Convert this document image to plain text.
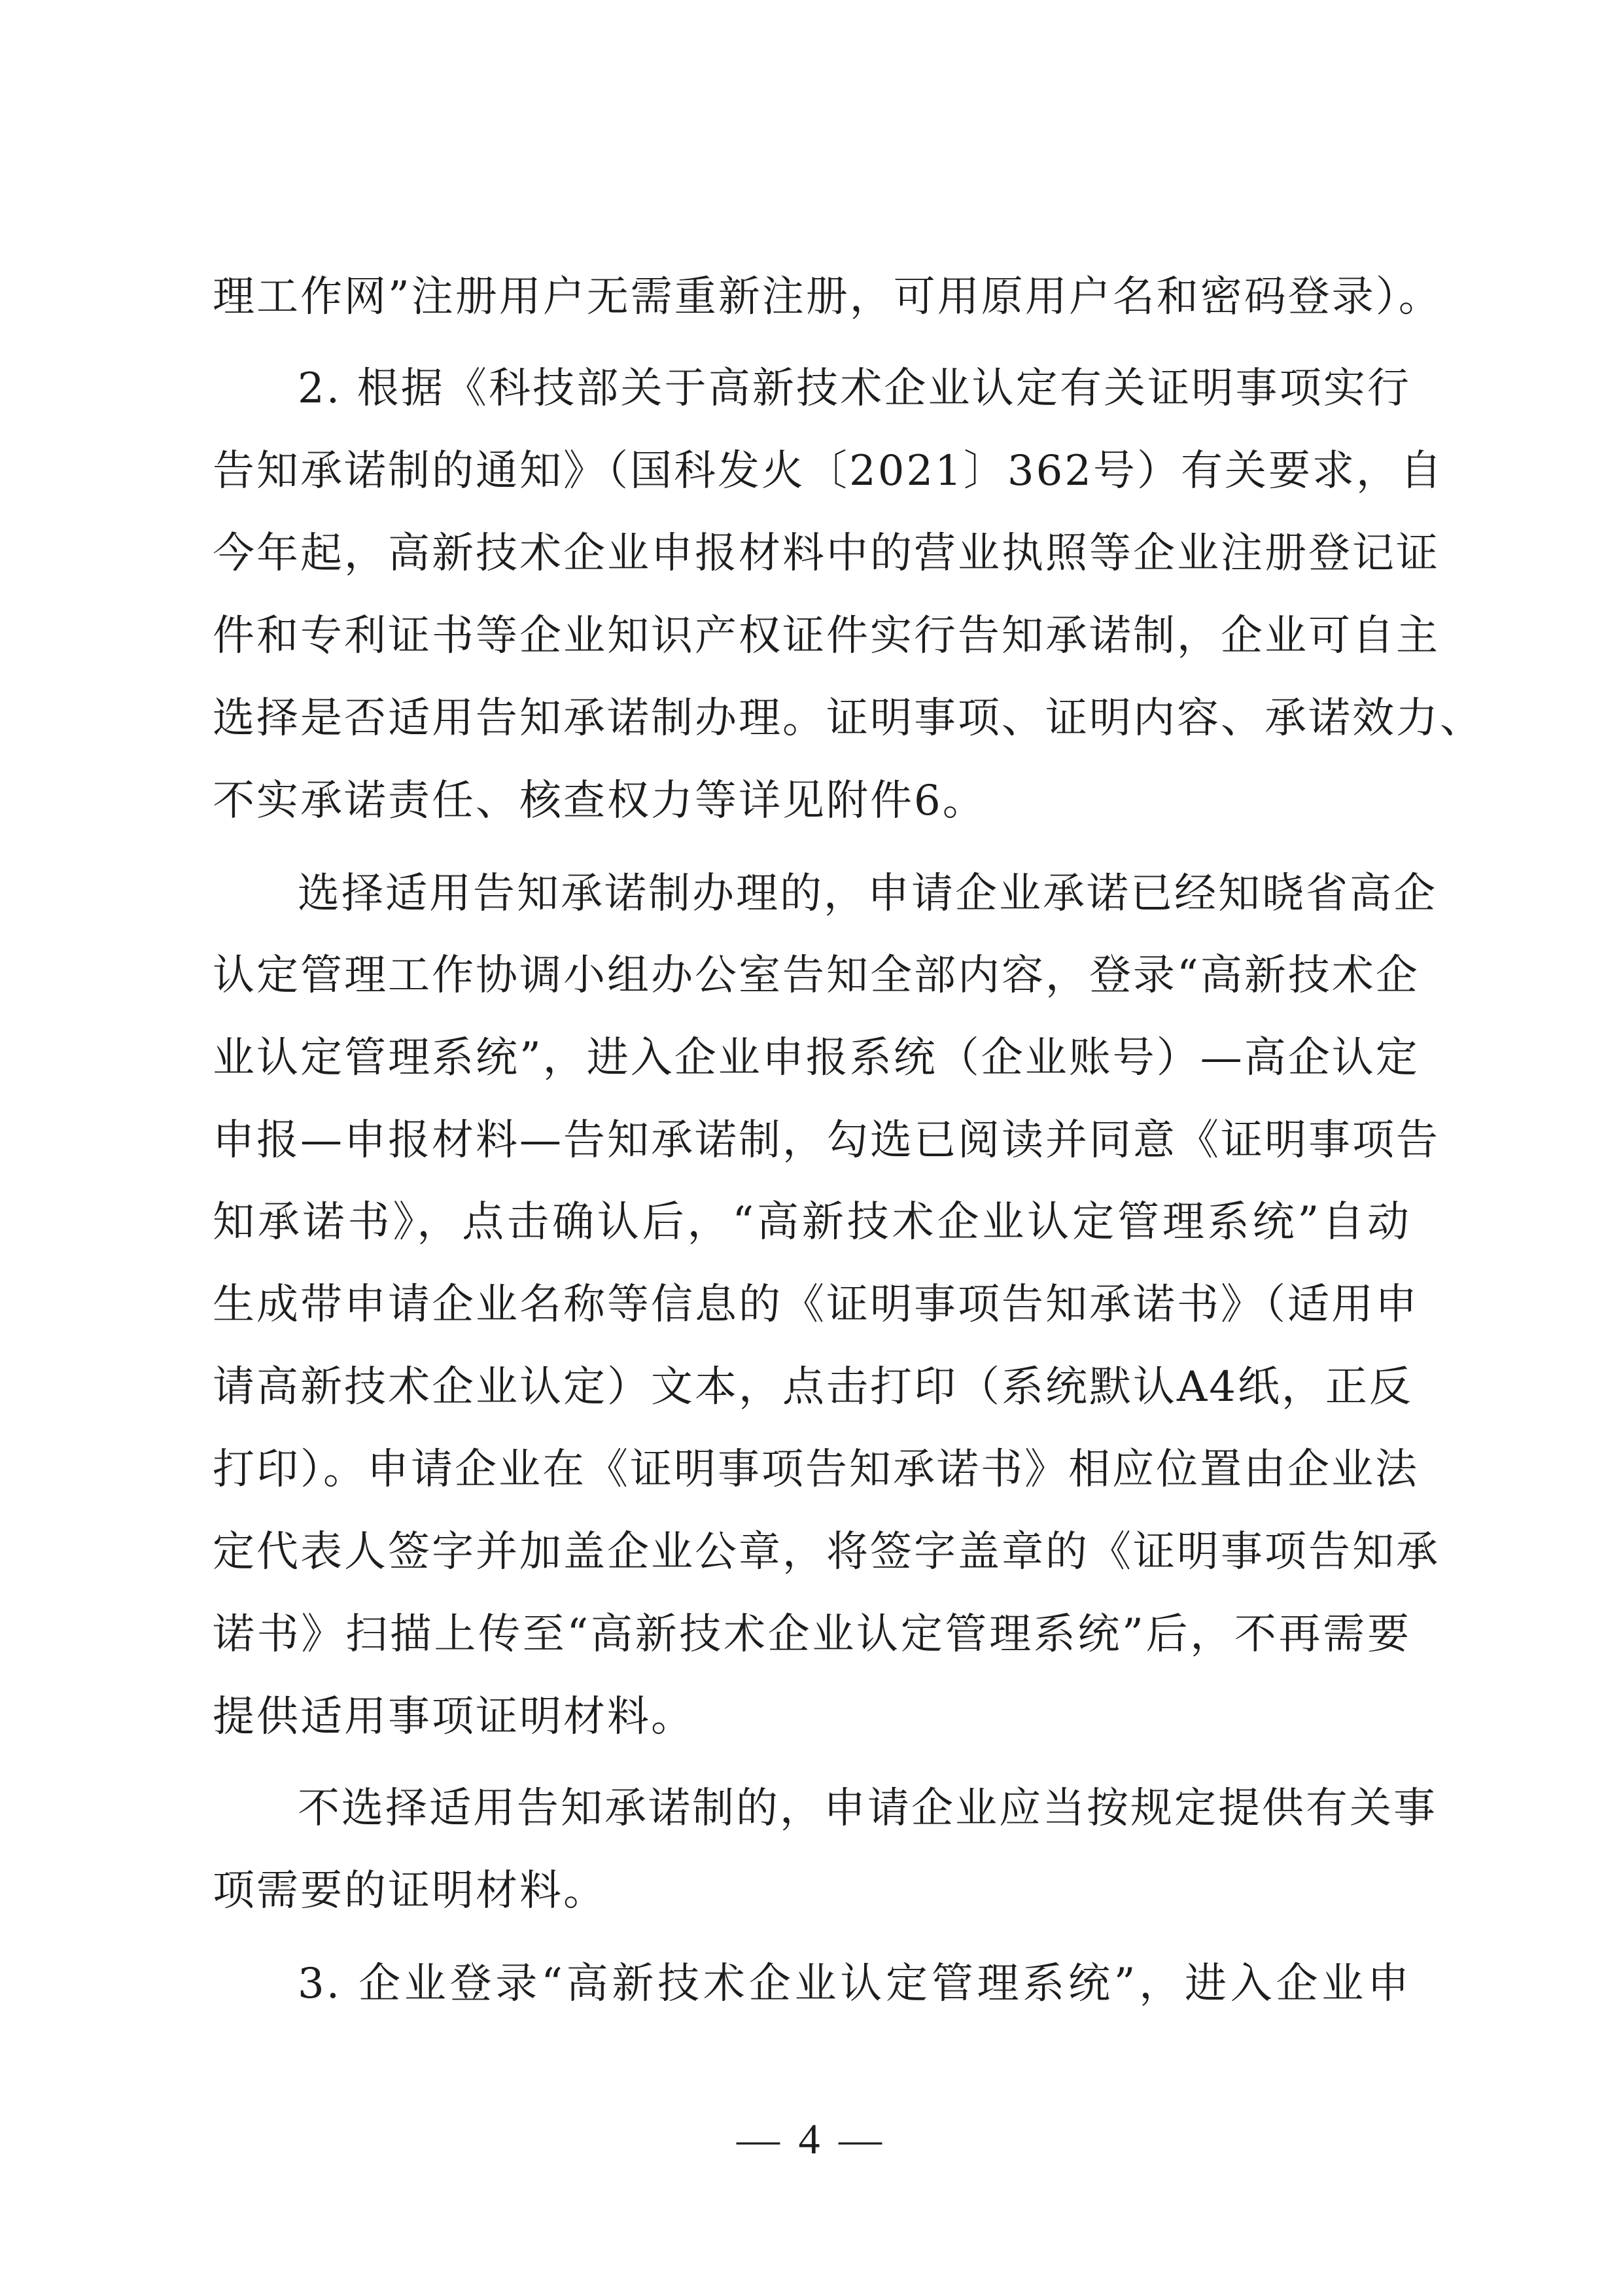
理工作网”注册用户无需重新注册，可用原用户名和密码登录）。

2. 根据《科技部关于高新技术企业认定有关证明事项实行

告知承诺制的通知》（国科发火〔2021〕362号）有关要求，自

今年起，高新技术企业申报材料中的营业执照等企业注册登记证

件和专利证书等企业知识产权证件实行告知承诺制，企业可自主

选择是否适用告知承诺制办理。证明事项、证明内容、承诺效力、

不实承诺责任、核查权力等详见附件6。

选择适用告知承诺制办理的，申请企业承诺已经知晓省高企

认定管理工作协调小组办公室告知全部内容，登录“高新技术企

业认定管理系统”，进入企业申报系统（企业账号）—高企认定

申报—申报材料—告知承诺制，勾选已阅读并同意《证明事项告

知承诺书》，点击确认后，“高新技术企业认定管理系统”自动

生成带申请企业名称等信息的《证明事项告知承诺书》（适用申

请高新技术企业认定）文本，点击打印（系统默认A4纸，正反

打印）。申请企业在《证明事项告知承诺书》相应位置由企业法

定代表人签字并加盖企业公章，将签字盖章的《证明事项告知承

诺书》扫描上传至“高新技术企业认定管理系统”后，不再需要

提供适用事项证明材料。

不选择适用告知承诺制的，申请企业应当按规定提供有关事

项需要的证明材料。

3. 企业登录“高新技术企业认定管理系统”，进入企业申

— 4 —
